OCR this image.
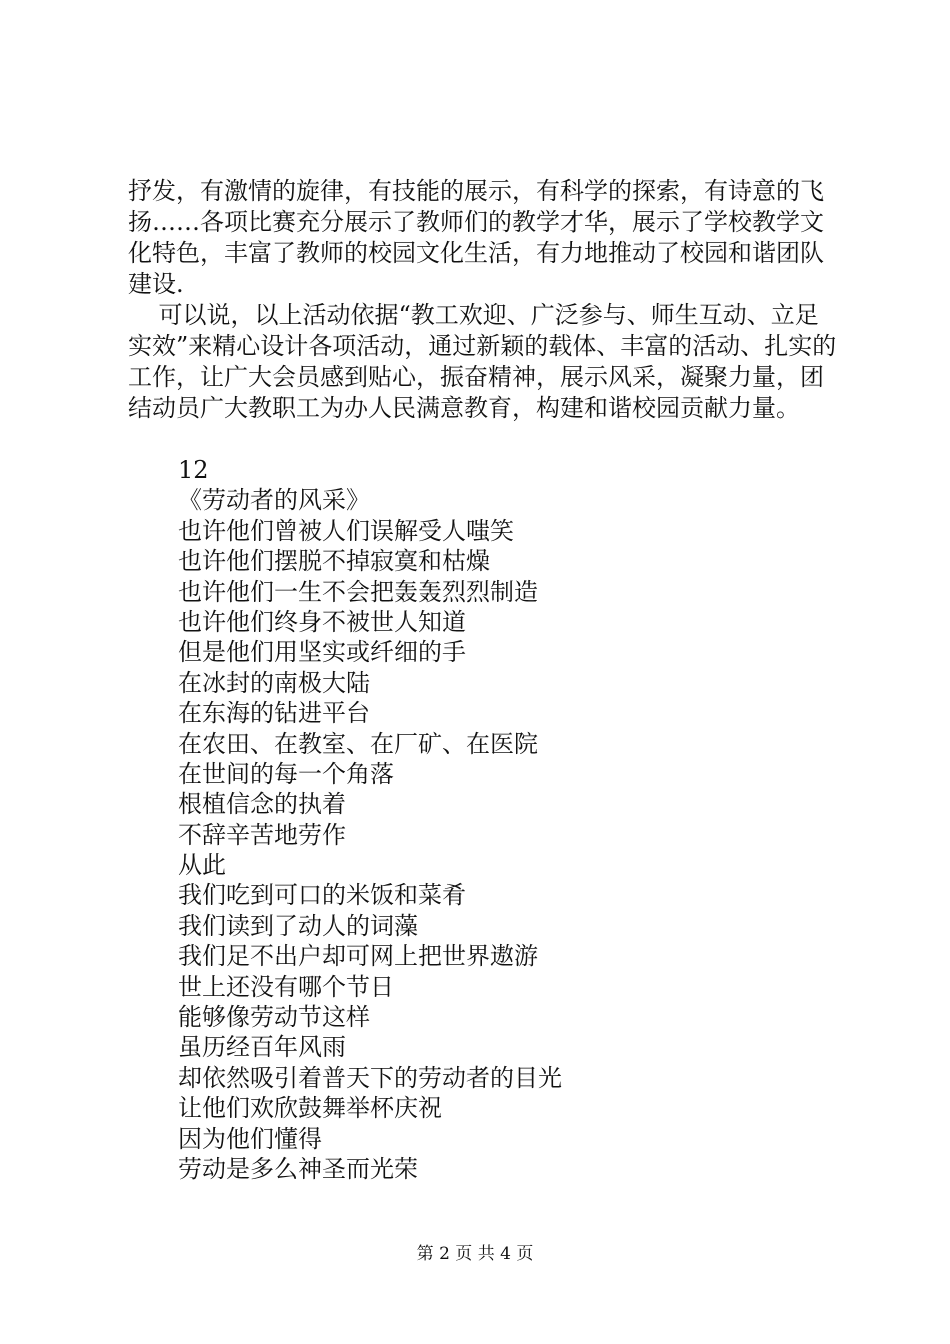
抒发，有激情的旋律，有技能的展示，有科学的探索，有诗意的飞扬……各项比赛充分展示了教师们的教学才华，展示了学校教学文化特色，丰富了教师的校园文化生活，有力地推动了校园和谐团队建设.

可以说，以上活动依据“教工欢迎、广泛参与、师生互动、立足实效”来精心设计各项活动，通过新颖的载体、丰富的活动、扎实的工作，让广大会员感到贴心，振奋精神，展示风采，凝聚力量，团结动员广大教职工为办人民满意教育，构建和谐校园贡献力量。

12
《劳动者的风采》
也许他们曾被人们误解受人嗤笑
也许他们摆脱不掉寂寞和枯燥
也许他们一生不会把轰轰烈烈制造
也许他们终身不被世人知道
但是他们用坚实或纤细的手
在冰封的南极大陆
在东海的钻进平台
在农田、在教室、在厂矿、在医院
在世间的每一个角落
根植信念的执着
不辞辛苦地劳作
从此
我们吃到可口的米饭和菜肴
我们读到了动人的词藻
我们足不出户却可网上把世界遨游
世上还没有哪个节日
能够像劳动节这样
虽历经百年风雨
却依然吸引着普天下的劳动者的目光
让他们欢欣鼓舞举杯庆祝
因为他们懂得
劳动是多么神圣而光荣
第 2 页 共 4 页
